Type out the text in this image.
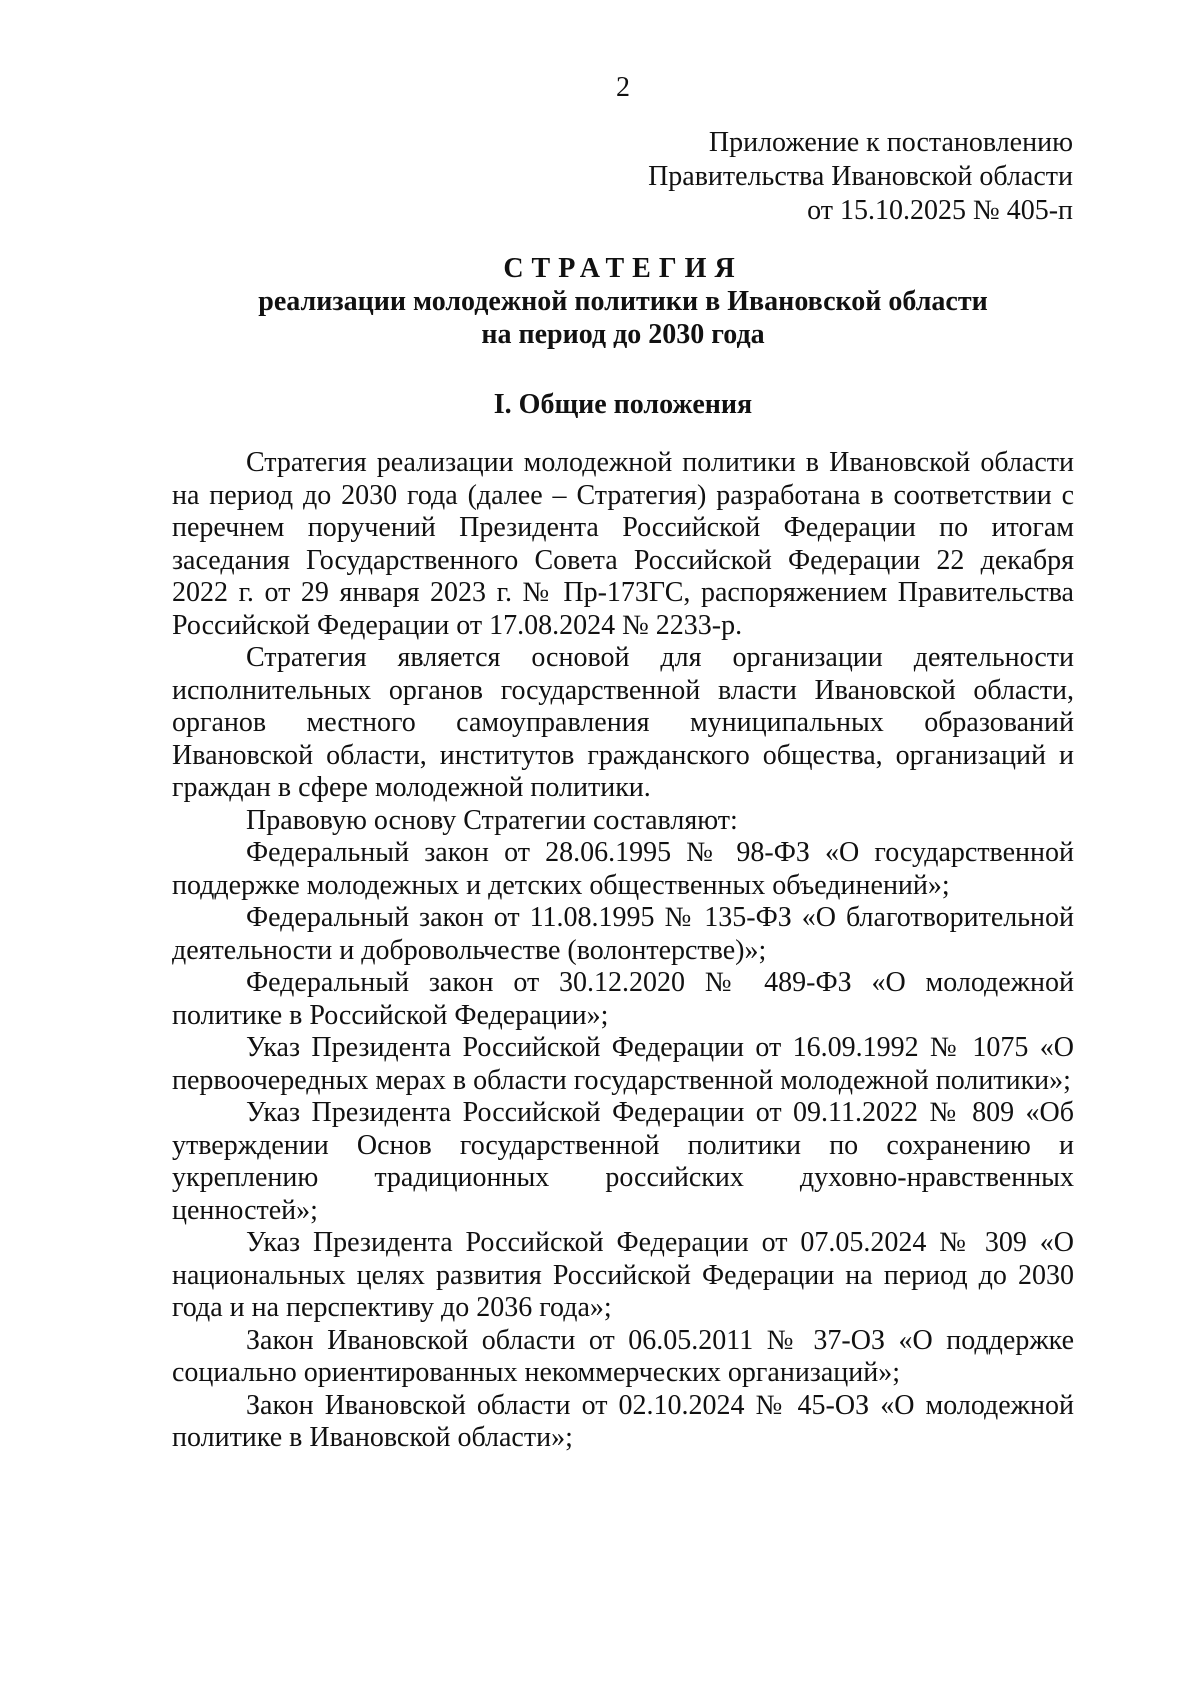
2
Приложение к постановлению
Правительства Ивановской области
от 15.10.2025 № 405-п
СТРАТЕГИЯ
реализации молодежной политики в Ивановской области
на период до 2030 года
I. Общие положения

Стратегия реализации молодежной политики в Ивановской области на период до 2030 года (далее – Стратегия) разработана в соответствии с перечнем поручений Президента Российской Федерации по итогам заседания Государственного Совета Российской Федерации 22 декабря 2022 г. от 29 января 2023 г. № Пр-173ГС, распоряжением Правительства Российской Федерации от 17.08.2024 № 2233-р.

Стратегия является основой для организации деятельности исполнительных органов государственной власти Ивановской области, органов местного самоуправления муниципальных образований Ивановской области, институтов гражданского общества, организаций и граждан в сфере молодежной политики.

Правовую основу Стратегии составляют:

Федеральный закон от 28.06.1995 № 98-ФЗ «О государственной поддержке молодежных и детских общественных объединений»;

Федеральный закон от 11.08.1995 № 135-ФЗ «О благотворительной деятельности и добровольчестве (волонтерстве)»;

Федеральный закон от 30.12.2020 № 489-ФЗ «О молодежной политике в Российской Федерации»;

Указ Президента Российской Федерации от 16.09.1992 № 1075 «О первоочередных мерах в области государственной молодежной политики»;

Указ Президента Российской Федерации от 09.11.2022 № 809 «Об утверждении Основ государственной политики по сохранению и укреплению традиционных российских духовно-нравственных ценностей»;

Указ Президента Российской Федерации от 07.05.2024 № 309 «О национальных целях развития Российской Федерации на период до 2030 года и на перспективу до 2036 года»;

Закон Ивановской области от 06.05.2011 № 37-ОЗ «О поддержке социально ориентированных некоммерческих организаций»;

Закон Ивановской области от 02.10.2024 № 45-ОЗ «О молодежной политике в Ивановской области»;
